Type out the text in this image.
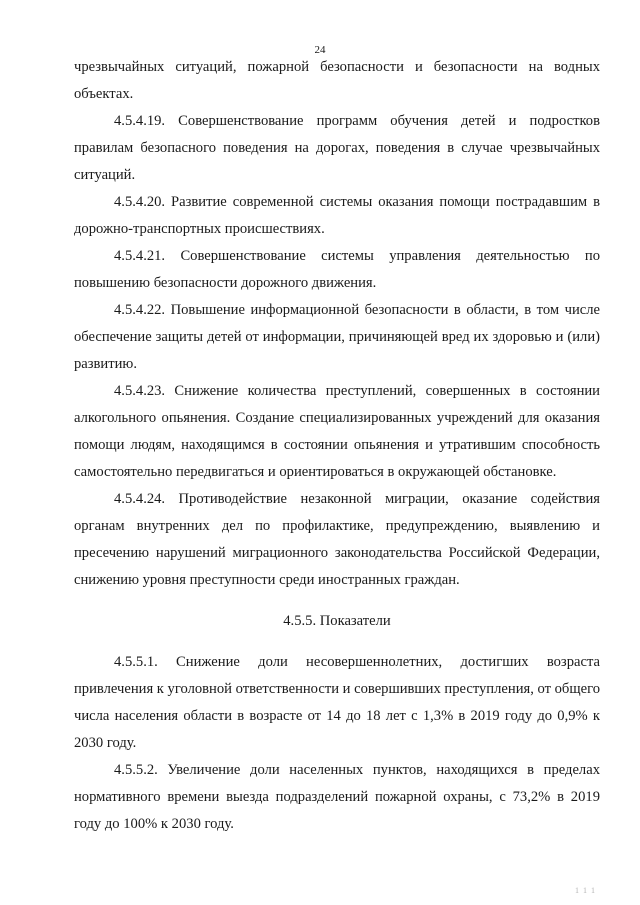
24

чрезвычайных ситуаций, пожарной безопасности и безопасности на водных объектах.

4.5.4.19. Совершенствование программ обучения детей и подростков правилам безопасного поведения на дорогах, поведения в случае чрезвычайных ситуаций.

4.5.4.20. Развитие современной системы оказания помощи пострадавшим в дорожно-транспортных происшествиях.

4.5.4.21. Совершенствование системы управления деятельностью по повышению безопасности дорожного движения.

4.5.4.22. Повышение информационной безопасности в области, в том числе обеспечение защиты детей от информации, причиняющей вред их здоровью и (или) развитию.

4.5.4.23. Снижение количества преступлений, совершенных в состоянии алкогольного опьянения. Создание специализированных учреждений для оказания помощи людям, находящимся в состоянии опьянения и утратившим способность самостоятельно передвигаться и ориентироваться в окружающей обстановке.

4.5.4.24. Противодействие незаконной миграции, оказание содействия органам внутренних дел по профилактике, предупреждению, выявлению и пресечению нарушений миграционного законодательства Российской Федерации, снижению уровня преступности среди иностранных граждан.

4.5.5. Показатели

4.5.5.1. Снижение доли несовершеннолетних, достигших возраста привлечения к уголовной ответственности и совершивших преступления, от общего числа населения области в возрасте от 14 до 18 лет с 1,3% в 2019 году до 0,9% к 2030 году.

4.5.5.2. Увеличение доли населенных пунктов, находящихся в пределах нормативного времени выезда подразделений пожарной охраны, с 73,2% в 2019 году до 100% к 2030 году.

1 1 1
